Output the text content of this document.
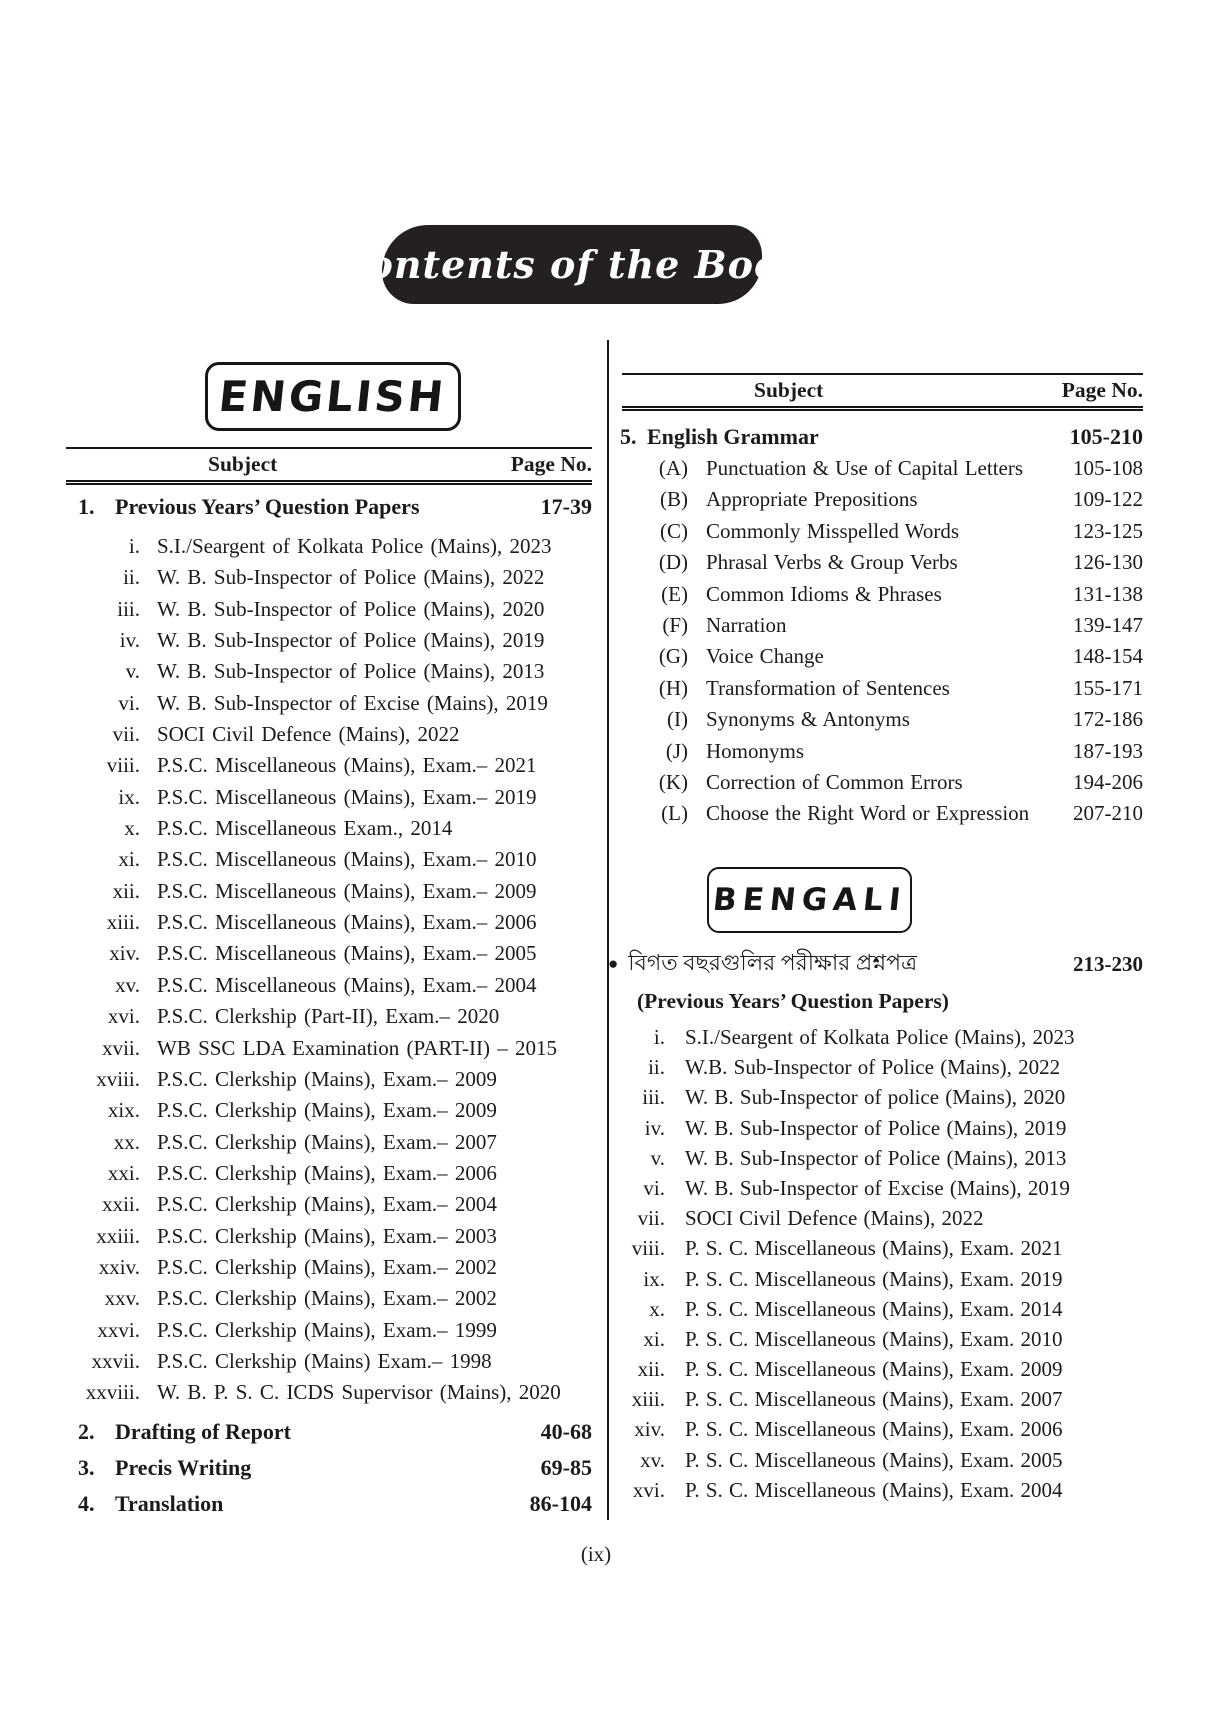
Contents of the Book
ENGLISH
Subject	Page No.
1. Previous Years’ Question Papers	17-39
i. S.I./Seargent of Kolkata Police (Mains), 2023
ii. W. B. Sub-Inspector of Police (Mains), 2022
iii. W. B. Sub-Inspector of Police (Mains), 2020
iv. W. B. Sub-Inspector of Police (Mains), 2019
v. W. B. Sub-Inspector of Police (Mains), 2013
vi. W. B. Sub-Inspector of Excise (Mains), 2019
vii. SOCI Civil Defence (Mains), 2022
viii. P.S.C. Miscellaneous (Mains), Exam.– 2021
ix. P.S.C. Miscellaneous (Mains), Exam.– 2019
x. P.S.C. Miscellaneous Exam., 2014
xi. P.S.C. Miscellaneous (Mains), Exam.– 2010
xii. P.S.C. Miscellaneous (Mains), Exam.– 2009
xiii. P.S.C. Miscellaneous (Mains), Exam.– 2006
xiv. P.S.C. Miscellaneous (Mains), Exam.– 2005
xv. P.S.C. Miscellaneous (Mains), Exam.– 2004
xvi. P.S.C. Clerkship (Part-II), Exam.– 2020
xvii. WB SSC LDA Examination (PART-II) – 2015
xviii. P.S.C. Clerkship (Mains), Exam.– 2009
xix. P.S.C. Clerkship (Mains), Exam.– 2009
xx. P.S.C. Clerkship (Mains), Exam.– 2007
xxi. P.S.C. Clerkship (Mains), Exam.– 2006
xxii. P.S.C. Clerkship (Mains), Exam.– 2004
xxiii. P.S.C. Clerkship (Mains), Exam.– 2003
xxiv. P.S.C. Clerkship (Mains), Exam.– 2002
xxv. P.S.C. Clerkship (Mains), Exam.– 2002
xxvi. P.S.C. Clerkship (Mains), Exam.– 1999
xxvii. P.S.C. Clerkship (Mains) Exam.– 1998
xxviii. W. B. P. S. C. ICDS Supervisor (Mains), 2020
2. Drafting of Report	40-68
3. Precis Writing	69-85
4. Translation	86-104
Subject	Page No.
5. English Grammar	105-210
(A) Punctuation & Use of Capital Letters 105-108
(B) Appropriate Prepositions	109-122
(C) Commonly Misspelled Words	123-125
(D) Phrasal Verbs & Group Verbs	126-130
(E) Common Idioms & Phrases	131-138
(F) Narration	139-147
(G) Voice Change	148-154
(H) Transformation of Sentences	155-171
(I) Synonyms & Antonyms	172-186
(J) Homonyms	187-193
(K) Correction of Common Errors	194-206
(L) Choose the Right Word or Expression 207-210
BENGALI
● বিগত বছরগুলির পরীক্ষার প্রশ্নপত্র	213-230
(Previous Years’ Question Papers)
i. S.I./Seargent of Kolkata Police (Mains), 2023
ii. W.B. Sub-Inspector of Police (Mains), 2022
iii. W. B. Sub-Inspector of police (Mains), 2020
iv. W. B. Sub-Inspector of Police (Mains), 2019
v. W. B. Sub-Inspector of Police (Mains), 2013
vi. W. B. Sub-Inspector of Excise (Mains), 2019
vii. SOCI Civil Defence (Mains), 2022
viii. P. S. C. Miscellaneous (Mains), Exam. 2021
ix. P. S. C. Miscellaneous (Mains), Exam. 2019
x. P. S. C. Miscellaneous (Mains), Exam. 2014
xi. P. S. C. Miscellaneous (Mains), Exam. 2010
xii. P. S. C. Miscellaneous (Mains), Exam. 2009
xiii. P. S. C. Miscellaneous (Mains), Exam. 2007
xiv. P. S. C. Miscellaneous (Mains), Exam. 2006
xv. P. S. C. Miscellaneous (Mains), Exam. 2005
xvi. P. S. C. Miscellaneous (Mains), Exam. 2004
(ix)
